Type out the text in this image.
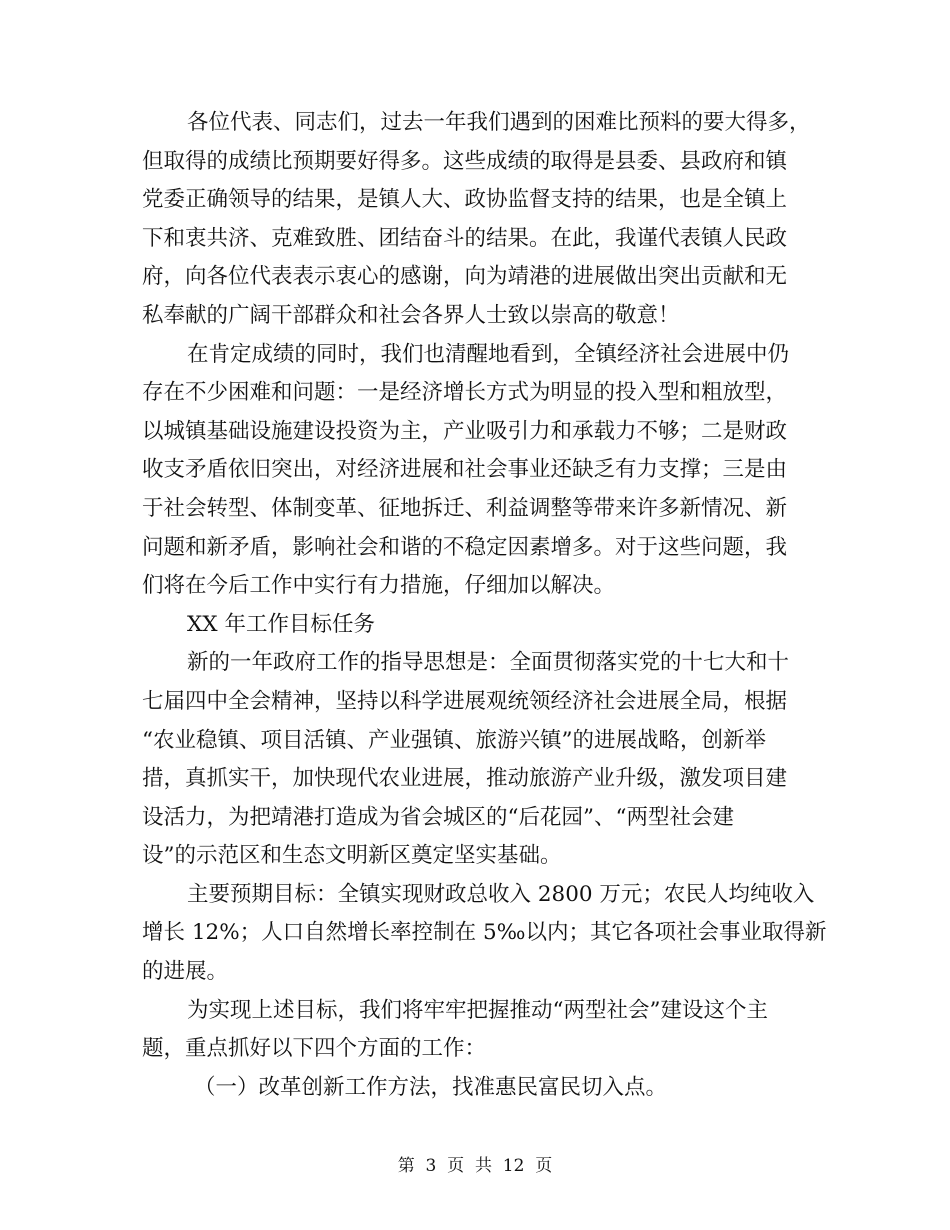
各位代表、同志们，过去一年我们遇到的困难比预料的要大得多，
但取得的成绩比预期要好得多。这些成绩的取得是县委、县政府和镇
党委正确领导的结果，是镇人大、政协监督支持的结果，也是全镇上
下和衷共济、克难致胜、团结奋斗的结果。在此，我谨代表镇人民政
府，向各位代表表示衷心的感谢，向为靖港的进展做出突出贡献和无
私奉献的广阔干部群众和社会各界人士致以崇高的敬意！
在肯定成绩的同时，我们也清醒地看到，全镇经济社会进展中仍
存在不少困难和问题：一是经济增长方式为明显的投入型和粗放型，
以城镇基础设施建设投资为主，产业吸引力和承载力不够；二是财政
收支矛盾依旧突出，对经济进展和社会事业还缺乏有力支撑；三是由
于社会转型、体制变革、征地拆迁、利益调整等带来许多新情况、新
问题和新矛盾，影响社会和谐的不稳定因素增多。对于这些问题，我
们将在今后工作中实行有力措施，仔细加以解决。
XX 年工作目标任务
新的一年政府工作的指导思想是：全面贯彻落实党的十七大和十
七届四中全会精神，坚持以科学进展观统领经济社会进展全局，根据
“农业稳镇、项目活镇、产业强镇、旅游兴镇”的进展战略，创新举
措，真抓实干，加快现代农业进展，推动旅游产业升级，激发项目建
设活力，为把靖港打造成为省会城区的“后花园”、“两型社会建
设”的示范区和生态文明新区奠定坚实基础。
主要预期目标：全镇实现财政总收入 2800 万元；农民人均纯收入
增长 12%；人口自然增长率控制在 5‰以内；其它各项社会事业取得新
的进展。
为实现上述目标，我们将牢牢把握推动“两型社会”建设这个主
题，重点抓好以下四个方面的工作：
（一）改革创新工作方法，找准惠民富民切入点。
第  3  页  共  12  页
